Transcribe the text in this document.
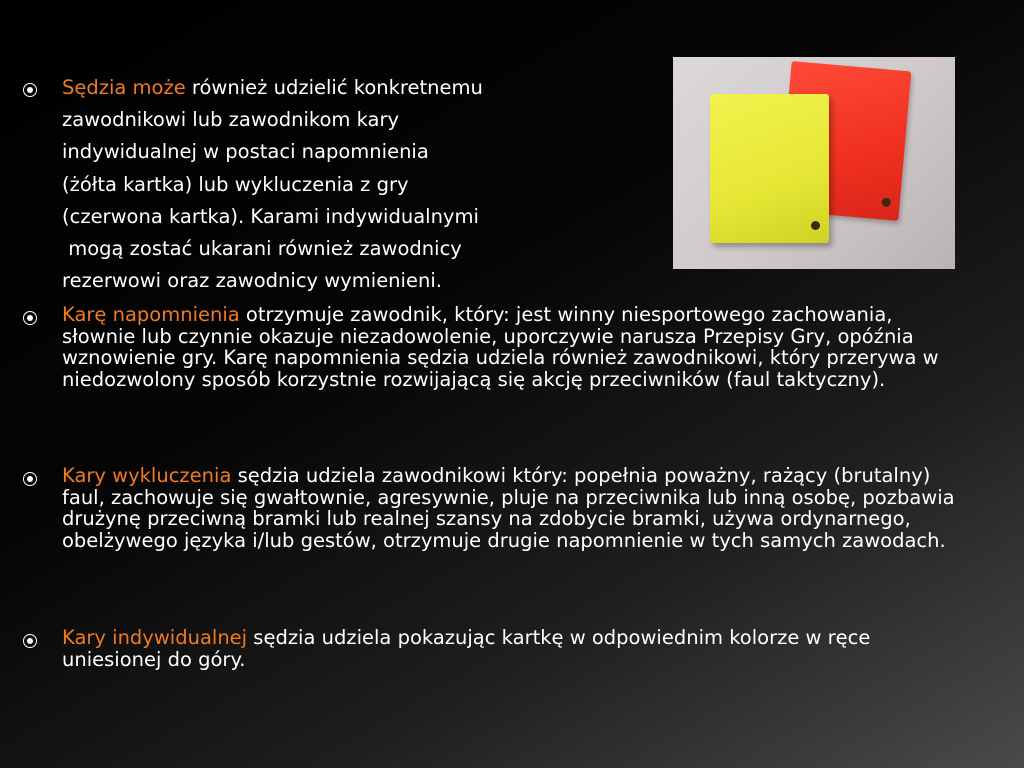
Sędzia może również udzielić konkretnemu
zawodnikowi lub zawodnikom kary
indywidualnej w postaci napomnienia
(żółta kartka) lub wykluczenia z gry
(czerwona kartka). Karami indywidualnymi
mogą zostać ukarani również zawodnicy
rezerwowi oraz zawodnicy wymienieni.
Karę napomnienia otrzymuje zawodnik, który: jest winny niesportowego zachowania, słownie lub czynnie okazuje niezadowolenie, uporczywie narusza Przepisy Gry, opóźnia wznowienie gry. Karę napomnienia sędzia udziela również zawodnikowi, który przerywa w niedozwolony sposób korzystnie rozwijającą się akcję przeciwników (faul taktyczny).
Kary wykluczenia sędzia udziela zawodnikowi który: popełnia poważny, rażący (brutalny) faul, zachowuje się gwałtownie, agresywnie, pluje na przeciwnika lub inną osobę, pozbawia drużynę przeciwną bramki lub realnej szansy na zdobycie bramki, używa ordynarnego, obelżywego języka i/lub gestów, otrzymuje drugie napomnienie w tych samych zawodach.
Kary indywidualnej sędzia udziela pokazując kartkę w odpowiednim kolorze w ręce uniesionej do góry.
